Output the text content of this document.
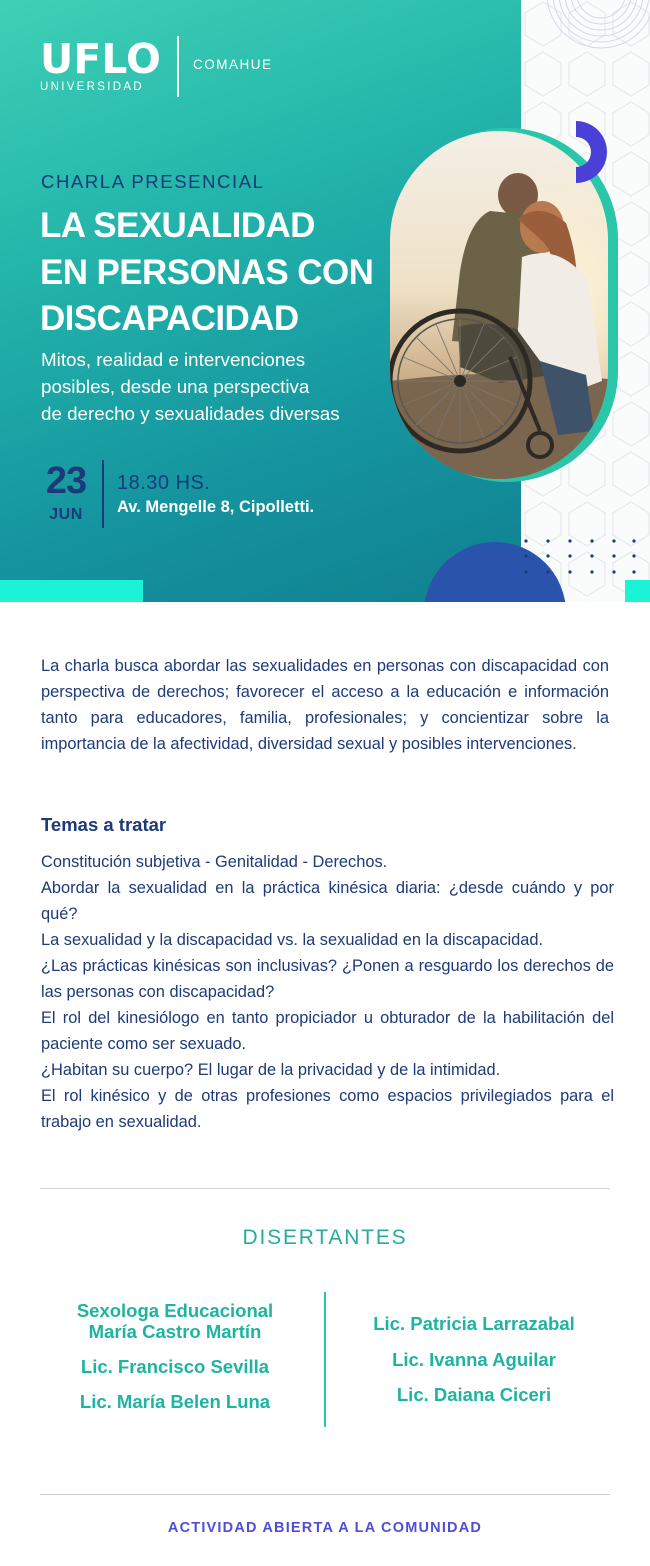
UFLO
UNIVERSIDAD
COMAHUE
CHARLA PRESENCIAL
LA SEXUALIDAD
EN PERSONAS CON
DISCAPACIDAD
Mitos, realidad e intervenciones
posibles, desde una perspectiva
de derecho y sexualidades diversas
23
JUN
18.30 HS.
Av. Mengelle 8, Cipolletti.
La charla busca abordar las sexualidades en personas con discapacidad con perspectiva de derechos; favorecer el acceso a la educación e información tanto para educadores, familia, profesionales; y concientizar sobre la importancia de la afectividad, diversidad sexual y posibles intervenciones.
Temas a tratar

Constitución subjetiva - Genitalidad - Derechos.

Abordar la sexualidad en la práctica kinésica diaria: ¿desde cuándo y por qué?

La sexualidad y la discapacidad vs. la sexualidad en la discapacidad.

¿Las prácticas kinésicas son inclusivas? ¿Ponen a resguardo los derechos de las personas con discapacidad?

El rol del kinesiólogo en tanto propiciador u obturador de la habilitación del paciente como ser sexuado.

¿Habitan su cuerpo? El lugar de la privacidad y de la intimidad.

El rol kinésico y de otras profesiones como espacios privilegiados para el trabajo en sexualidad.

DISERTANTES
Sexologa Educacional
María Castro Martín
Lic. Francisco Sevilla
Lic. María Belen Luna
Lic. Patricia Larrazabal
Lic. Ivanna Aguilar
Lic. Daiana Ciceri
ACTIVIDAD ABIERTA A LA COMUNIDAD
